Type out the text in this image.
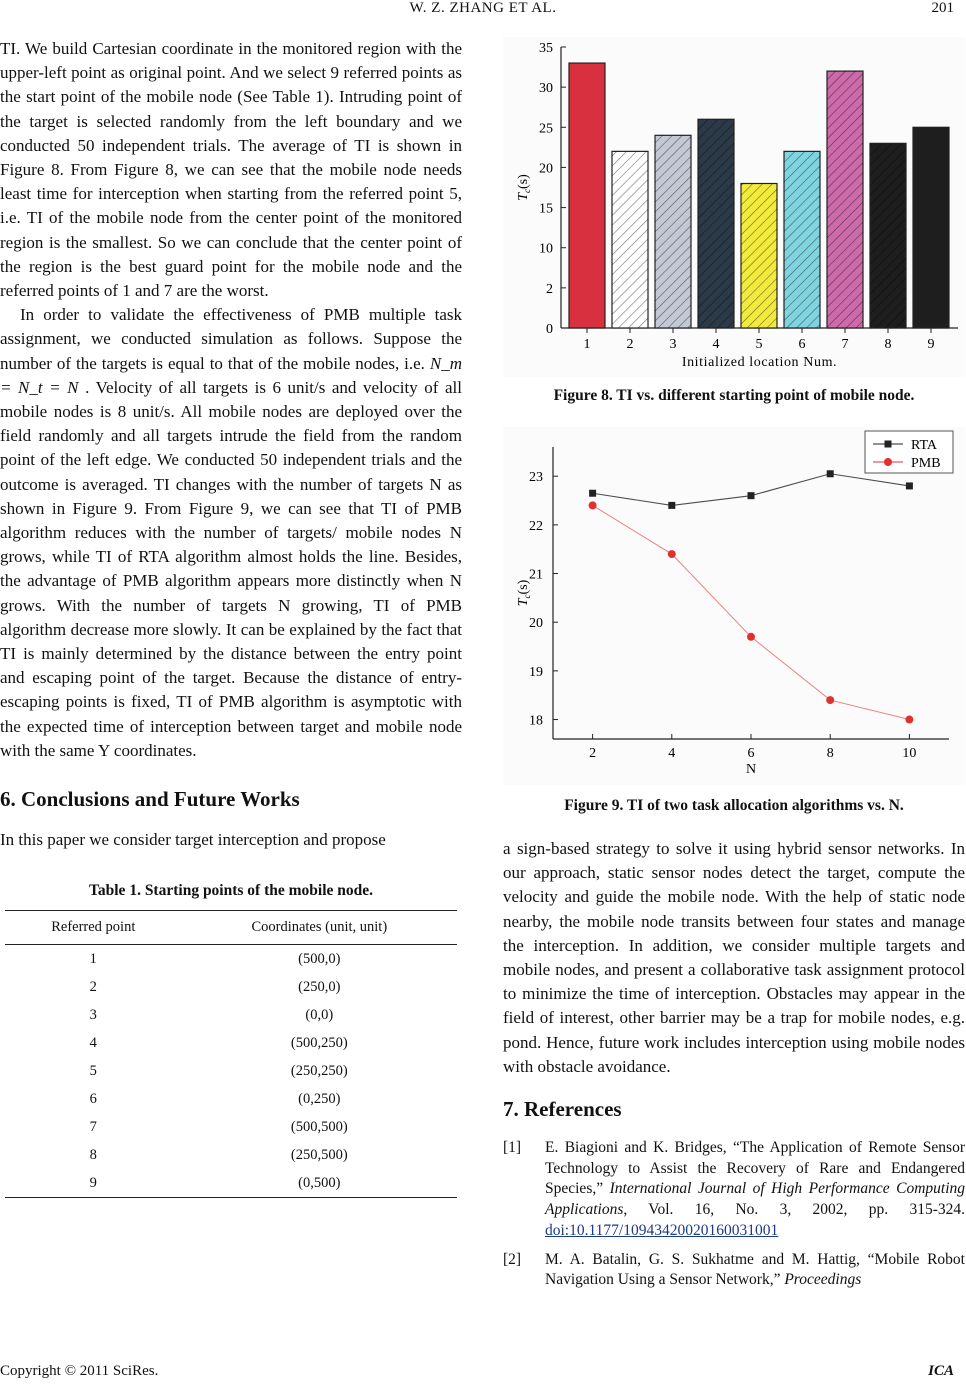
W. Z. ZHANG ET AL.	201

TI. We build Cartesian coordinate in the monitored region with the upper-left point as original point. And we select 9 referred points as the start point of the mobile node (See Table 1). Intruding point of the target is selected randomly from the left boundary and we conducted 50 independent trials. The average of TI is shown in Figure 8. From Figure 8, we can see that the mobile node needs least time for interception when starting from the referred point 5, i.e. TI of the mobile node from the center point of the monitored region is the smallest. So we can conclude that the center point of the region is the best guard point for the mobile node and the referred points of 1 and 7 are the worst.

In order to validate the effectiveness of PMB multiple task assignment, we conducted simulation as follows. Suppose the number of the targets is equal to that of the mobile nodes, i.e. N_m = N_t = N . Velocity of all targets is 6 unit/s and velocity of all mobile nodes is 8 unit/s. All mobile nodes are deployed over the field randomly and all targets intrude the field from the random point of the left edge. We conducted 50 independent trials and the outcome is averaged. TI changes with the number of targets N as shown in Figure 9. From Figure 9, we can see that TI of PMB algorithm reduces with the number of targets/ mobile nodes N grows, while TI of RTA algorithm almost holds the line. Besides, the advantage of PMB algorithm appears more distinctly when N grows. With the number of targets N growing, TI of PMB algorithm decrease more slowly. It can be explained by the fact that TI is mainly determined by the distance between the entry point and escaping point of the target. Because the distance of entry-escaping points is fixed, TI of PMB algorithm is asymptotic with the expected time of interception between target and mobile node with the same Y coordinates.

6. Conclusions and Future Works

In this paper we consider target interception and propose

Table 1. Starting points of the mobile node.
Referred point	Coordinates (unit, unit)
1	(500,0)
2	(250,0)
3	(0,0)
4	(500,250)
5	(250,250)
6	(0,250)
7	(500,500)
8	(250,500)
9	(0,500)
0
2
10
15
20
25
30
35
1	2	3	4	5	6	7	8	9
Initialized location Num.
$T_c(s)$
Figure 8. TI vs. different starting point of mobile node.
18
19
20
21
22
23
2	4	6	8	10
N
$T_c(s)$
RTA
PMB
Figure 9. TI of two task allocation algorithms vs. N.

a sign-based strategy to solve it using hybrid sensor networks. In our approach, static sensor nodes detect the target, compute the velocity and guide the mobile node. With the help of static node nearby, the mobile node transits between four states and manage the interception. In addition, we consider multiple targets and mobile nodes, and present a collaborative task assignment protocol to minimize the time of interception. Obstacles may appear in the field of interest, other barrier may be a trap for mobile nodes, e.g. pond. Hence, future work includes interception using mobile nodes with obstacle avoidance.

7. References
[1]	E. Biagioni and K. Bridges, “The Application of Remote Sensor Technology to Assist the Recovery of Rare and Endangered Species,” International Journal of High Performance Computing Applications, Vol. 16, No. 3, 2002, pp. 315-324. doi:10.1177/10943420020160031001
[2]	M. A. Batalin, G. S. Sukhatme and M. Hattig, “Mobile Robot Navigation Using a Sensor Network,” Proceedings
Copyright © 2011 SciRes.	ICA
